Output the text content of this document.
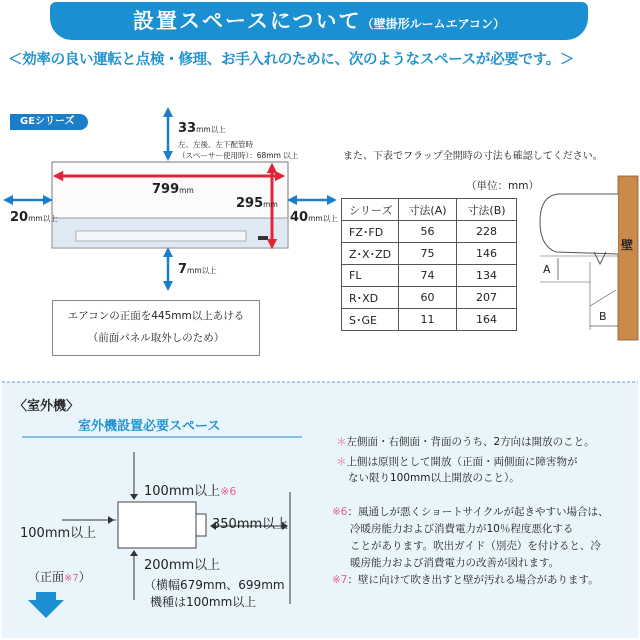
設置スペースについて（壁掛形ルームエアコン）
＜効率の良い運転と点検・修理、お手入れのために、次のようなスペースが必要です。＞
GEシリーズ	33mm以上
左、左後、左下配管時
（スペーサー使用時）：68mm 以上
799mm
295mm
20mm以上	40mm以上
7mm以上
エアコンの正面を445mm以上あける
（前面パネル取外しのため）
また、下表でフラップ全開時の寸法も確認してください。
（単位：mm）
シリーズ	寸法(A)	寸法(B)
FZ･FD	56	228
Z･X･ZD	75	146
FL	74	134
R･XD	60	207
S･GE	11	164
壁
A
B
〈室外機〉
室外機設置必要スペース
100mm以上※6
100mm以上
350mm以上
200mm以上
（横幅679mm、699mm
機種は100mm以上
（正面※7）
＊左側面・右側面・背面のうち、2方向は開放のこと。
＊上側は原則として開放（正面・両側面に障害物が
ない限り100mm以上開放のこと）。
※6：風通しが悪くショートサイクルが起きやすい場合は、
冷暖房能力および消費電力が10％程度悪化する
ことがあります。吹出ガイド（別売）を付けると、冷
暖房能力および消費電力の改善が図れます。
※7：壁に向けて吹き出すと壁が汚れる場合があります。
